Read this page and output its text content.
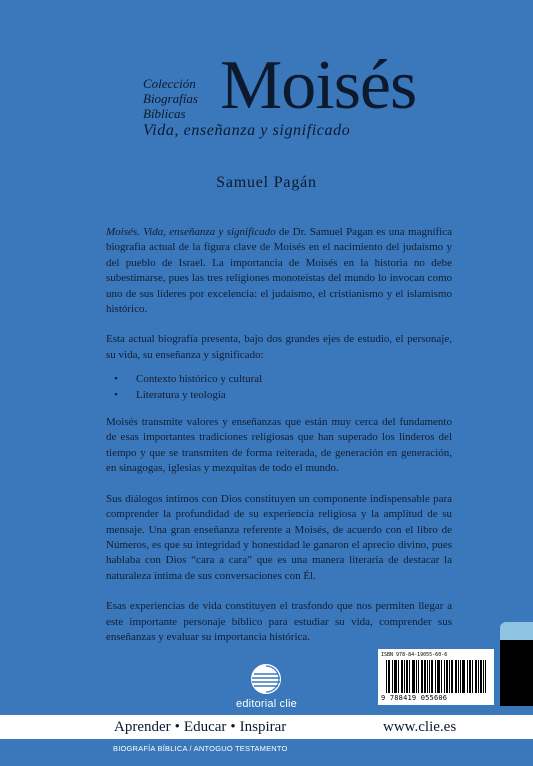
Colección
Biografías
Bíblicas Moisés
Vida, enseñanza y significado
Samuel Pagán

Moisés. Vida, enseñanza y significado de Dr. Samuel Pagan es una magnífica biografía actual de la figura clave de Moisés en el nacimiento del judaísmo y del pueblo de Israel. La importancia de Moisés en la historia no debe subestimarse, pues las tres religiones monoteístas del mundo lo invocan como uno de sus líderes por excelencia: el judaísmo, el cristianismo y el islamismo histórico.

Esta actual biografía presenta, bajo dos grandes ejes de estudio, el personaje, su vida, su enseñanza y significado:

• Contexto histórico y cultural
• Literatura y teología

Moisés transmite valores y enseñanzas que están muy cerca del fundamento de esas importantes tradiciones religiosas que han superado los linderos del tiempo y que se transmiten de forma reiterada, de generación en generación, en sinagogas, iglesias y mezquitas de todo el mundo.

Sus diálogos íntimos con Dios constituyen un componente indispensable para comprender la profundidad de su experiencia religiosa y la amplitud de su mensaje. Una gran enseñanza referente a Moisés, de acuerdo con el libro de Números, es que su integridad y honestidad le ganaron el aprecio divino, pues hablaba con Dios “cara a cara” que es una manera literaria de destacar la naturaleza íntima de sus conversaciones con Él.

Esas experiencias de vida constituyen el trasfondo que nos permiten llegar a este importante personaje bíblico para estudiar su vida, comprender sus enseñanzas y evaluar su importancia histórica.

ISBN 978-84-19055-60-6
9 788419 055606
editorial clie
Aprender • Educar • Inspirar	www.clie.es
BIOGRAFÍA BÍBLICA / ANTOGUO TESTAMENTO
